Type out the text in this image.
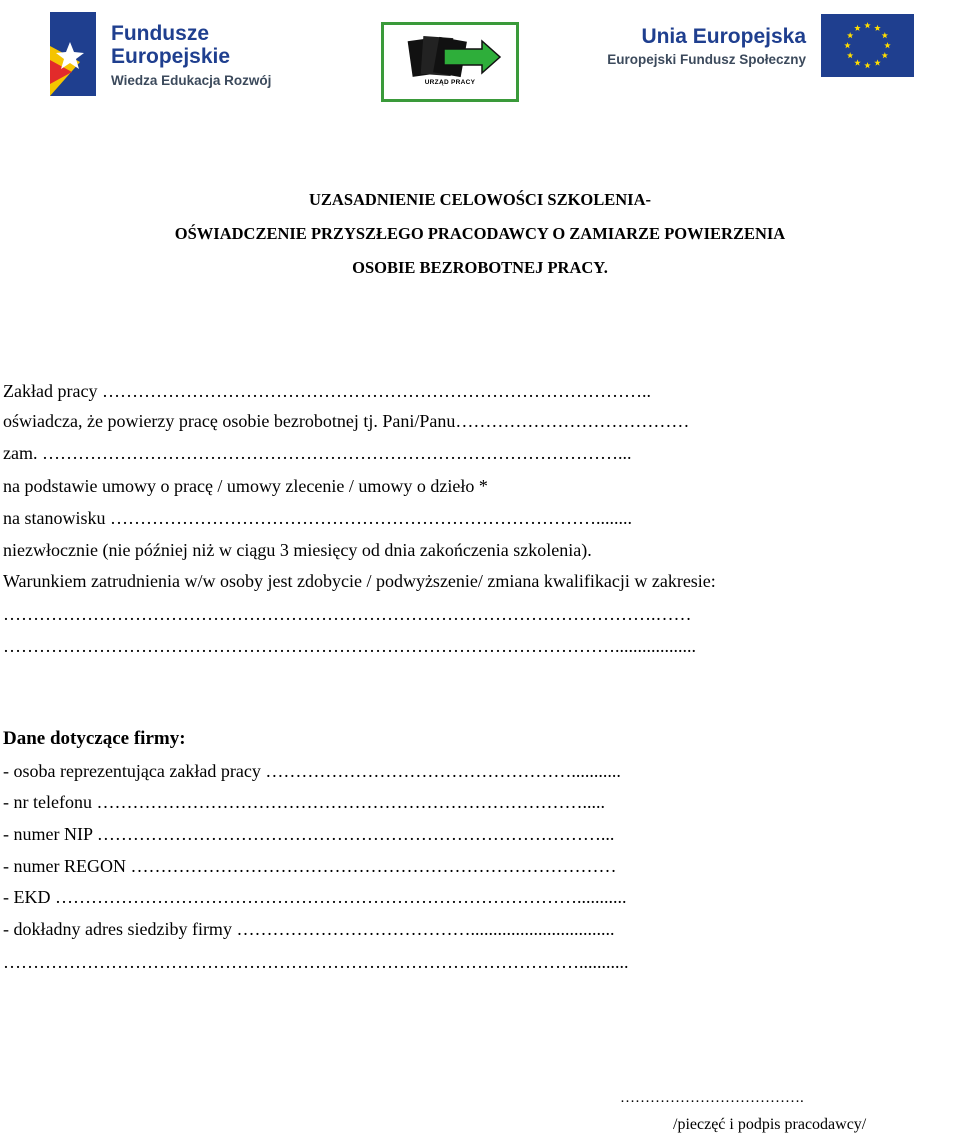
Fundusze
Europejskie
Wiedza Edukacja Rozwój	URZĄD PRACY
Unia Europejska
Europejski Fundusz Społeczny
UZASADNIENIE CELOWOŚCI SZKOLENIA-
OŚWIADCZENIE PRZYSZŁEGO PRACODAWCY O ZAMIARZE POWIERZENIA
OSOBIE BEZROBOTNEJ PRACY.
Zakład pracy ………………………………………………………………………………..
oświadcza, że powierzy pracę osobie bezrobotnej tj. Pani/Panu…………………………………
zam. ……………………………………………………………………………………...
na podstawie umowy o pracę / umowy zlecenie / umowy o dzieło *
na stanowisku ………………………………………………………………………........
niezwłocznie (nie później niż w ciągu 3 miesięcy od dnia zakończenia szkolenia).
Warunkiem zatrudnienia w/w osoby jest zdobycie / podwyższenie/ zmiana kwalifikacji w zakresie:
……………………………………………………………………………………………….……
…………………………………………………………………………………………..................
Dane dotyczące firmy:
- osoba reprezentująca zakład pracy ……………………………………………...........
- nr telefonu ……………………………………………………………………….....
- numer NIP …………………………………………………………………………...
- numer REGON ………………………………………………………………………
- EKD ……………………………………………………………………………...........
- dokładny adres siedziby firmy …………………………………................................
……………………………………………………………………………………...........
……………………………….
/pieczęć i podpis pracodawcy/
